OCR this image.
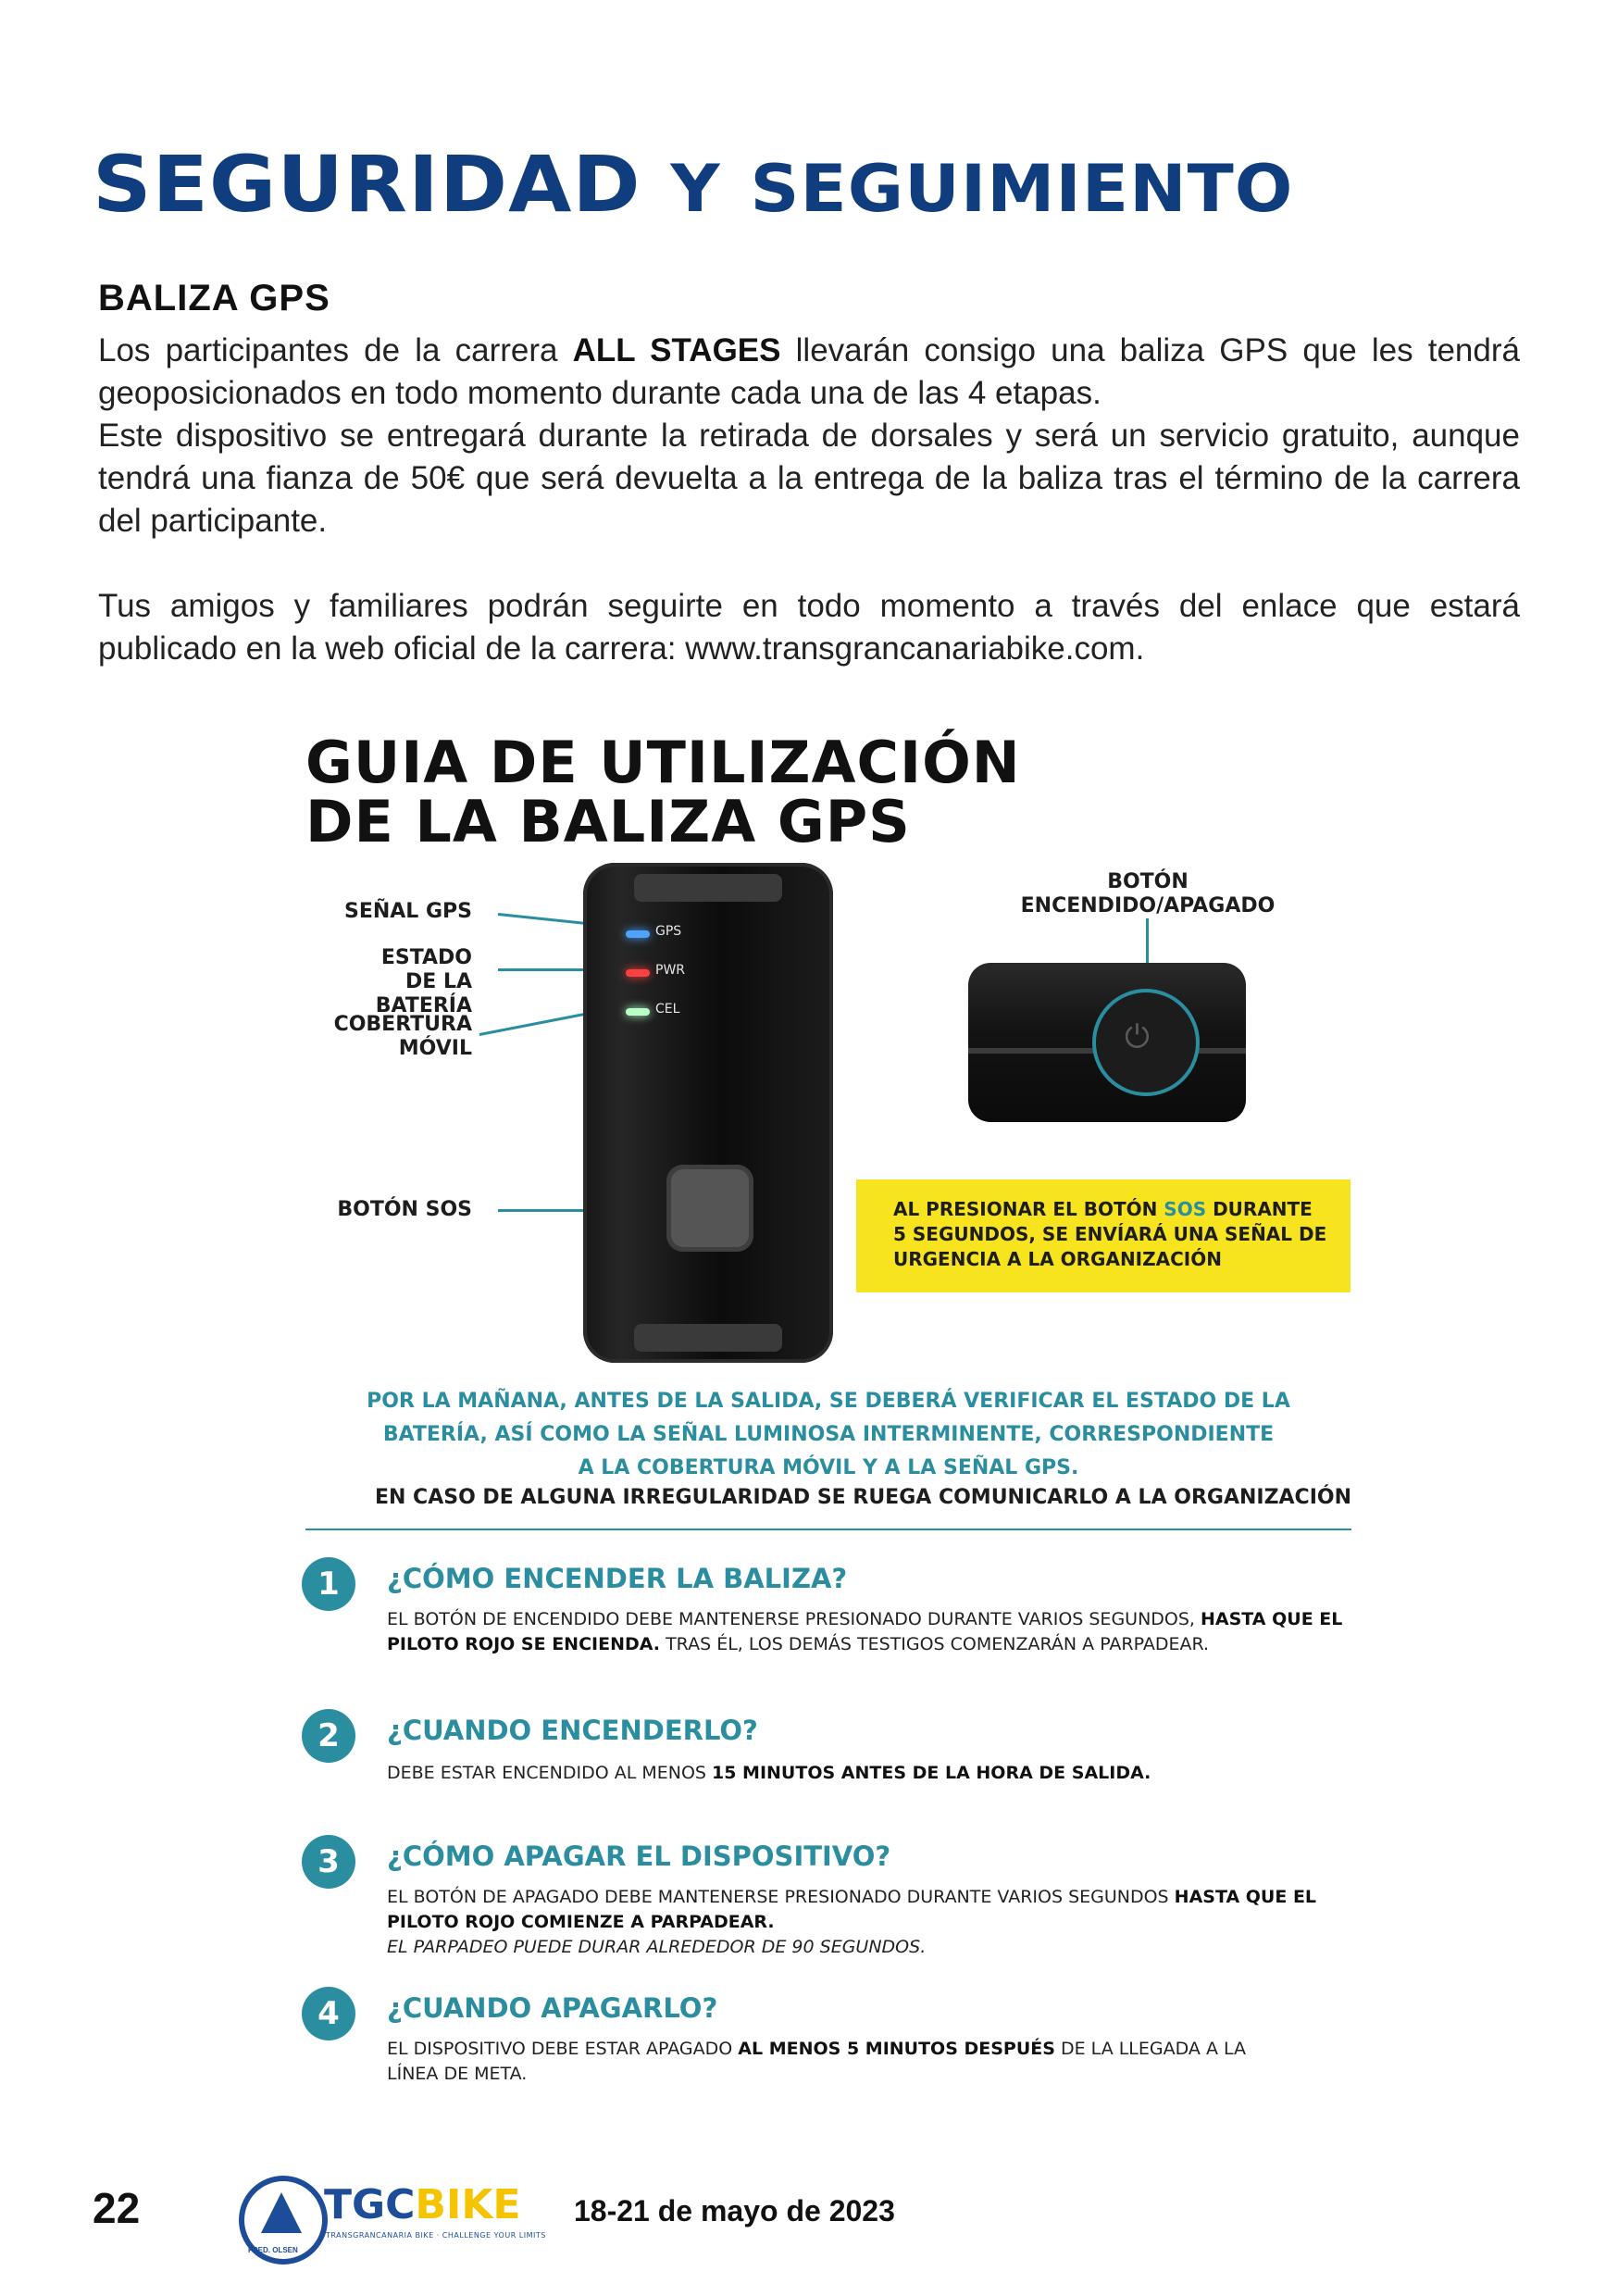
SEGURIDAD Y SEGUIMIENTO
BALIZA GPS
Los participantes de la carrera ALL STAGES llevarán consigo una baliza GPS que les tendrá geoposicionados en todo momento durante cada una de las 4 etapas.
Este dispositivo se entregará durante la retirada de dorsales y será un servicio gratuito, aunque tendrá una fianza de 50€ que será devuelta a la entrega de la baliza tras el término de la carrera del participante.
Tus amigos y familiares podrán seguirte en todo momento a través del enlace que estará publicado en la web oficial de la carrera: www.transgrancanariabike.com.
GUIA DE UTILIZACIÓN
DE LA BALIZA GPS
SEÑAL GPS
ESTADO
DE LA BATERÍA
COBERTURA
MÓVIL
BOTÓN SOS
GPS
PWR
CEL
BOTÓN
ENCENDIDO/APAGADO
⏻
AL PRESIONAR EL BOTÓN SOS DURANTE 5 SEGUNDOS, SE ENVÍARÁ UNA SEÑAL DE URGENCIA A LA ORGANIZACIÓN
POR LA MAÑANA, ANTES DE LA SALIDA, SE DEBERÁ VERIFICAR EL ESTADO DE LA
BATERÍA, ASÍ COMO LA SEÑAL LUMINOSA INTERMINENTE, CORRESPONDIENTE
A LA COBERTURA MÓVIL Y A LA SEÑAL GPS.
EN CASO DE ALGUNA IRREGULARIDAD SE RUEGA COMUNICARLO A LA ORGANIZACIÓN
1	¿CÓMO ENCENDER LA BALIZA?
EL BOTÓN DE ENCENDIDO DEBE MANTENERSE PRESIONADO DURANTE VARIOS SEGUNDOS, HASTA QUE EL PILOTO ROJO SE ENCIENDA. TRAS ÉL, LOS DEMÁS TESTIGOS COMENZARÁN A PARPADEAR.
2	¿CUANDO ENCENDERLO?
DEBE ESTAR ENCENDIDO AL MENOS 15 MINUTOS ANTES DE LA HORA DE SALIDA.
3	¿CÓMO APAGAR EL DISPOSITIVO?
EL BOTÓN DE APAGADO DEBE MANTENERSE PRESIONADO DURANTE VARIOS SEGUNDOS HASTA QUE EL PILOTO ROJO COMIENZE A PARPADEAR.
EL PARPADEO PUEDE DURAR ALREDEDOR DE 90 SEGUNDOS.
4	¿CUANDO APAGARLO?
EL DISPOSITIVO DEBE ESTAR APAGADO AL MENOS 5 MINUTOS DESPUÉS DE LA LLEGADA A LA LÍNEA DE META.
22
FRED. OLSEN
TGCBIKE
TRANSGRANCANARIA BIKE · CHALLENGE YOUR LIMITS
18-21 de mayo de 2023
